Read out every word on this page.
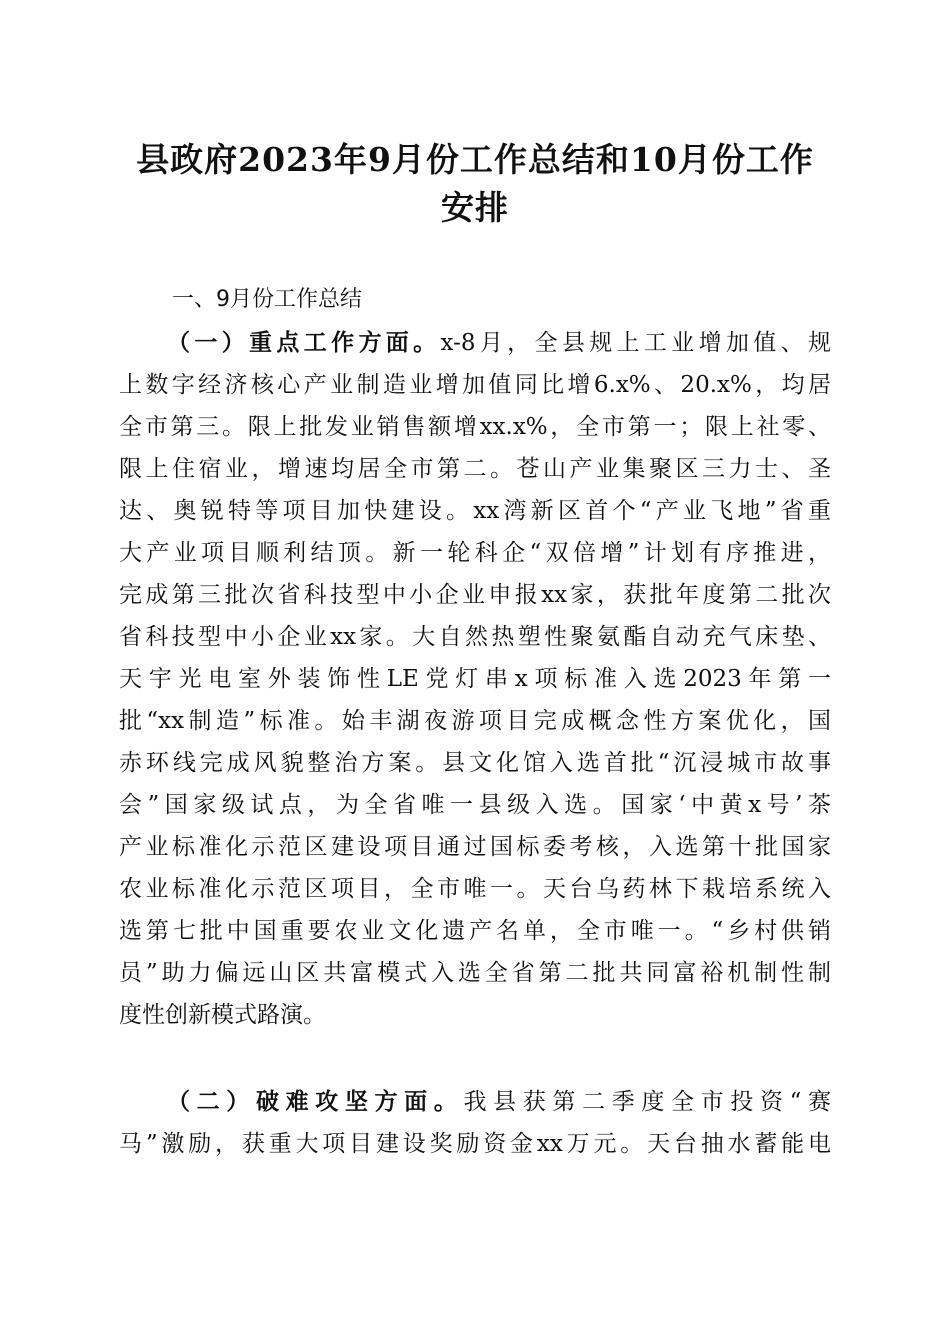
县政府2023年9月份工作总结和10月份工作
安排

一、9月份工作总结

（一）重点工作方面。x-8月，全县规上工业增加值、规
上数字经济核心产业制造业增加值同比增6.x%、20.x%，均居
全市第三。限上批发业销售额增xx.x%，全市第一；限上社零、
限上住宿业，增速均居全市第二。苍山产业集聚区三力士、圣
达、奥锐特等项目加快建设。xx湾新区首个“产业飞地”省重
大产业项目顺利结顶。新一轮科企“双倍增”计划有序推进，
完成第三批次省科技型中小企业申报xx家，获批年度第二批次
省科技型中小企业xx家。大自然热塑性聚氨酯自动充气床垫、
天宇光电室外装饰性LE党灯串x项标准入选2023年第一
批“xx制造”标准。始丰湖夜游项目完成概念性方案优化，国
赤环线完成风貌整治方案。县文化馆入选首批“沉浸城市故事
会”国家级试点，为全省唯一县级入选。国家‘中黄x号’茶
产业标准化示范区建设项目通过国标委考核，入选第十批国家
农业标准化示范区项目，全市唯一。天台乌药林下栽培系统入
选第七批中国重要农业文化遗产名单，全市唯一。“乡村供销
员”助力偏远山区共富模式入选全省第二批共同富裕机制性制
度性创新模式路演。
（二）破难攻坚方面。我县获第二季度全市投资“赛
马”激励，获重大项目建设奖励资金xx万元。天台抽水蓄能电
